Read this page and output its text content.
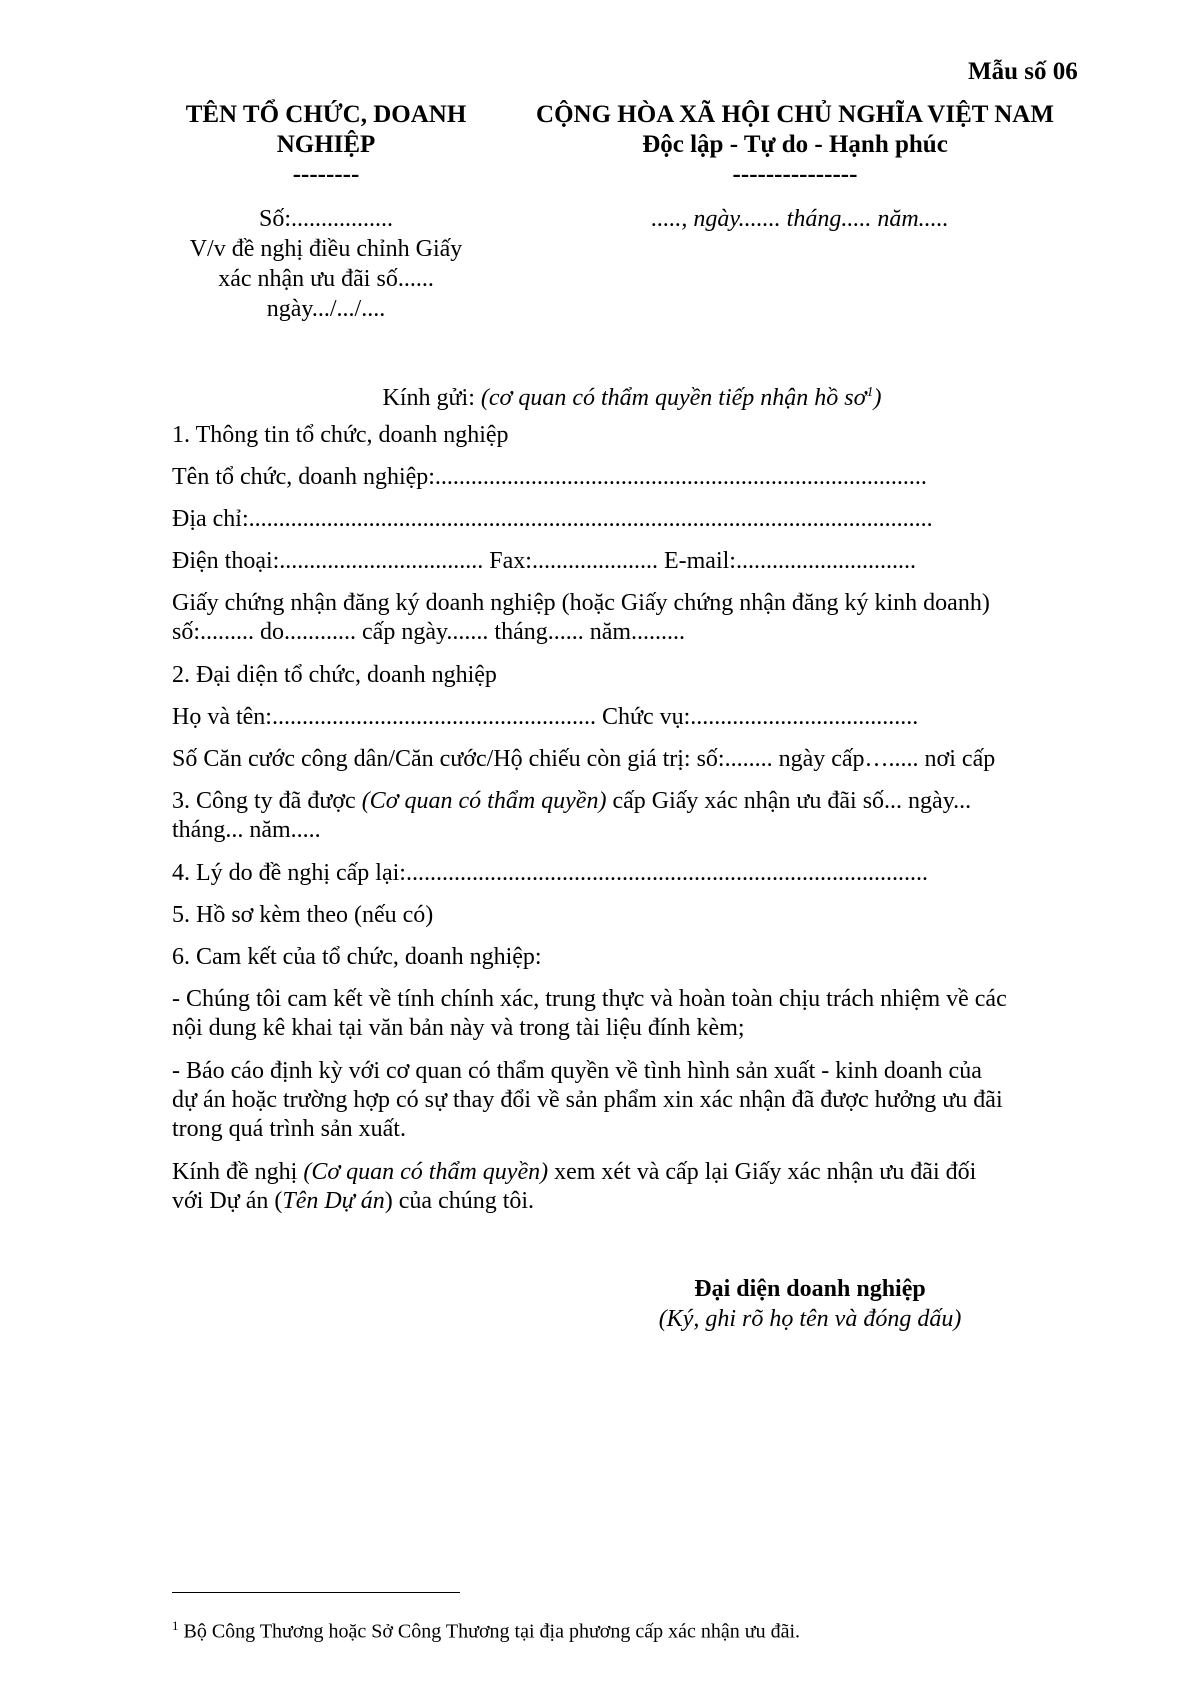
Mẫu số 06
TÊN TỔ CHỨC, DOANH
NGHIỆP
--------
Số:.................
V/v đề nghị điều chỉnh Giấy
xác nhận ưu đãi số......
ngày.../.../....
CỘNG HÒA XÃ HỘI CHỦ NGHĨA VIỆT NAM
Độc lập - Tự do - Hạnh phúc
---------------
....., ngày....... tháng..... năm.....
Kính gửi: (cơ quan có thẩm quyền tiếp nhận hồ $sơ^1$)
1. Thông tin tổ chức, doanh nghiệp
Tên tổ chức, doanh nghiệp:..................................................................................
Địa chỉ:..................................................................................................................
Điện thoại:.................................. Fax:..................... E-mail:..............................
Giấy chứng nhận đăng ký doanh nghiệp (hoặc Giấy chứng nhận đăng ký kinh doanh)
số:......... do............ cấp ngày....... tháng...... năm.........
2. Đại diện tổ chức, doanh nghiệp
Họ và tên:...................................................... Chức vụ:......................................
Số Căn cước công dân/Căn cước/Hộ chiếu còn giá trị: số:........ ngày cấp…..... nơi cấp
3. Công ty đã được (Cơ quan có thẩm quyền) cấp Giấy xác nhận ưu đãi số... ngày...
tháng... năm.....
4. Lý do đề nghị cấp lại:.......................................................................................
5. Hồ sơ kèm theo (nếu có)
6. Cam kết của tổ chức, doanh nghiệp:
- Chúng tôi cam kết về tính chính xác, trung thực và hoàn toàn chịu trách nhiệm về các
nội dung kê khai tại văn bản này và trong tài liệu đính kèm;
- Báo cáo định kỳ với cơ quan có thẩm quyền về tình hình sản xuất - kinh doanh của
dự án hoặc trường hợp có sự thay đổi về sản phẩm xin xác nhận đã được hưởng ưu đãi
trong quá trình sản xuất.
Kính đề nghị (Cơ quan có thẩm quyền) xem xét và cấp lại Giấy xác nhận ưu đãi đối
với Dự án (Tên Dự án) của chúng tôi.
Đại diện doanh nghiệp
(Ký, ghi rõ họ tên và đóng dấu)
$^1$ Bộ Công Thương hoặc Sở Công Thương tại địa phương cấp xác nhận ưu đãi.
